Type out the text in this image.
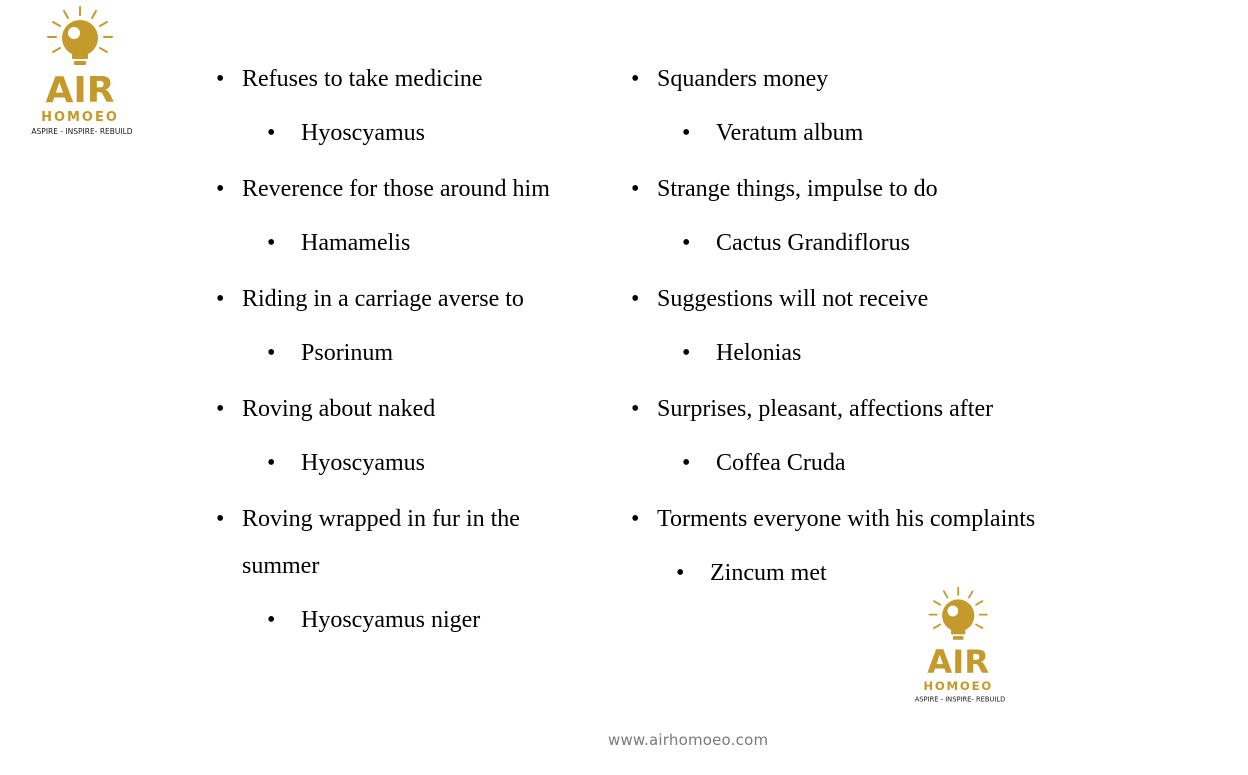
AIR
HOMOEO
ASPIRE - INSPIRE- REBUILD
• Refuses to take medicine
• Hyoscyamus
• Reverence for those around him
• Hamamelis
• Riding in a carriage averse to
• Psorinum
• Roving about naked
• Hyoscyamus
• Roving wrapped in fur in the summer
• Hyoscyamus niger
• Squanders money
• Veratum album
• Strange things, impulse to do
• Cactus Grandiflorus
• Suggestions will not receive
• Helonias
• Surprises, pleasant, affections after
• Coffea Cruda
• Torments everyone with his complaints
• Zincum met
AIR
HOMOEO
ASPIRE - INSPIRE- REBUILD
www.airhomoeo.com
